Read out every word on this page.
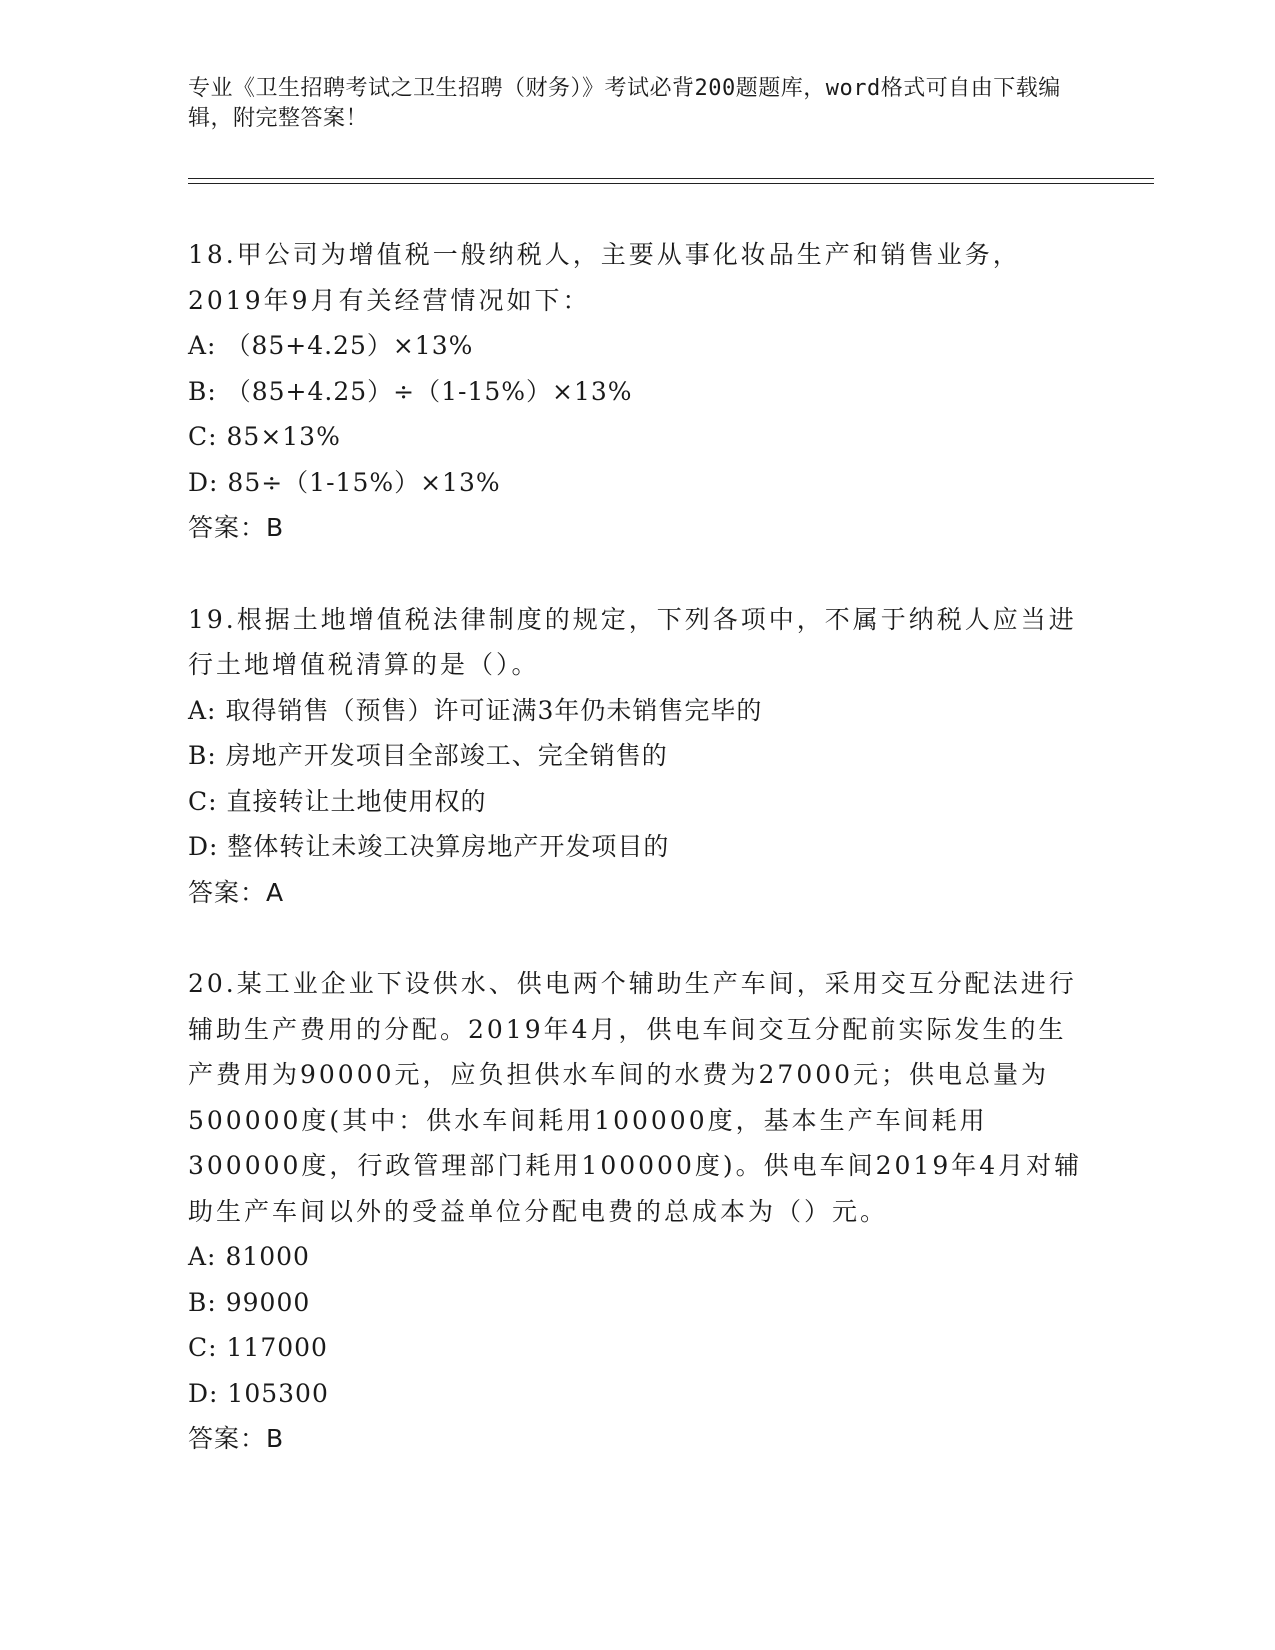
专业《卫生招聘考试之卫生招聘（财务）》考试必背200题题库，word格式可自由下载编辑，附完整答案！
18.甲公司为增值税一般纳税人，主要从事化妆品生产和销售业务，2019年9月有关经营情况如下：
A: （85+4.25）×13%
B: （85+4.25）÷（1-15%）×13%
C: 85×13%
D: 85÷（1-15%）×13%
答案：B
19.根据土地增值税法律制度的规定，下列各项中，不属于纳税人应当进行土地增值税清算的是（）。
A: 取得销售（预售）许可证满3年仍未销售完毕的
B: 房地产开发项目全部竣工、完全销售的
C: 直接转让土地使用权的
D: 整体转让未竣工决算房地产开发项目的
答案：A
20.某工业企业下设供水、供电两个辅助生产车间，采用交互分配法进行辅助生产费用的分配。2019年4月，供电车间交互分配前实际发生的生产费用为90000元，应负担供水车间的水费为27000元；供电总量为500000度(其中：供水车间耗用100000度，基本生产车间耗用300000度，行政管理部门耗用100000度)。供电车间2019年4月对辅助生产车间以外的受益单位分配电费的总成本为（）元。
A: 81000
B: 99000
C: 117000
D: 105300
答案：B
